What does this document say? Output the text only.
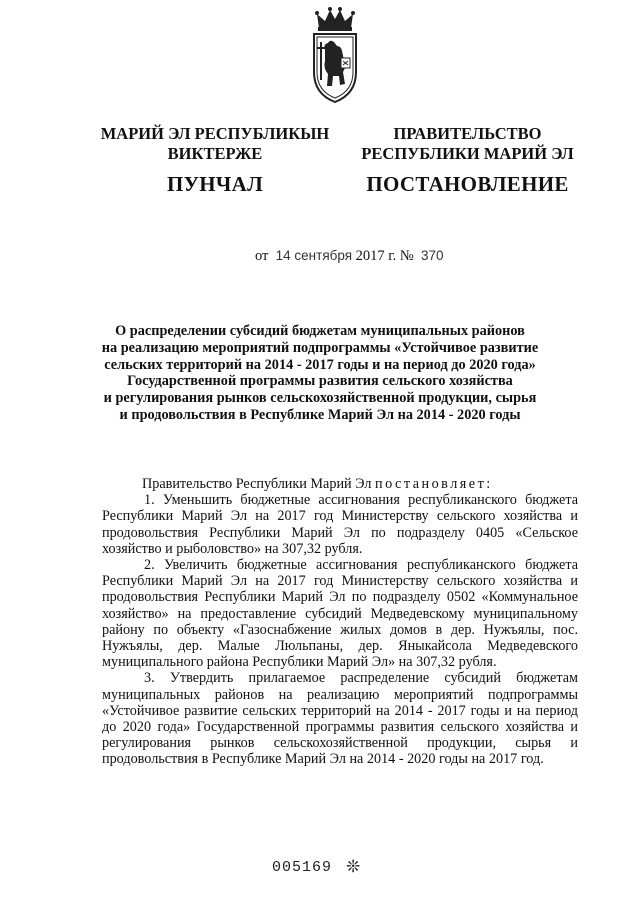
МАРИЙ ЭЛ РЕСПУБЛИКЫН
ВИКТЕРЖЕ
ПУНЧАЛ
ПРАВИТЕЛЬСТВО
РЕСПУБЛИКИ МАРИЙ ЭЛ
ПОСТАНОВЛЕНИЕ
от 14 сентября 2017 г. № 370
О распределении субсидий бюджетам муниципальных районов
на реализацию мероприятий подпрограммы «Устойчивое развитие
сельских территорий на 2014 - 2017 годы и на период до 2020 года»
Государственной программы развития сельского хозяйства
и регулирования рынков сельскохозяйственной продукции, сырья
и продовольствия в Республике Марий Эл на 2014 - 2020 годы

Правительство Республики Марий Эл постановляет:

1. Уменьшить бюджетные ассигнования республиканского бюджета Республики Марий Эл на 2017 год Министерству сельского хозяйства и продовольствия Республики Марий Эл по подразделу 0405 «Сельское хозяйство и рыболовство» на 307,32 рубля.

2. Увеличить бюджетные ассигнования республиканского бюджета Республики Марий Эл на 2017 год Министерству сельского хозяйства и продовольствия Республики Марий Эл по подразделу 0502 «Коммунальное хозяйство» на предоставление субсидий Медведевскому муниципальному району по объекту «Газоснабжение жилых домов в дер. Нужъялы, пос. Нужъялы, дер. Малые Люльпаны, дер. Яныкайсола Медведевского муниципального района Республики Марий Эл» на 307,32 рубля.

3. Утвердить прилагаемое распределение субсидий бюджетам муниципальных районов на реализацию мероприятий подпрограммы «Устойчивое развитие сельских территорий на 2014 - 2017 годы и на период до 2020 года» Государственной программы развития сельского хозяйства и регулирования рынков сельскохозяйственной продукции, сырья и продовольствия в Республике Марий Эл на 2014 - 2020 годы на 2017 год.

005169 ❊
